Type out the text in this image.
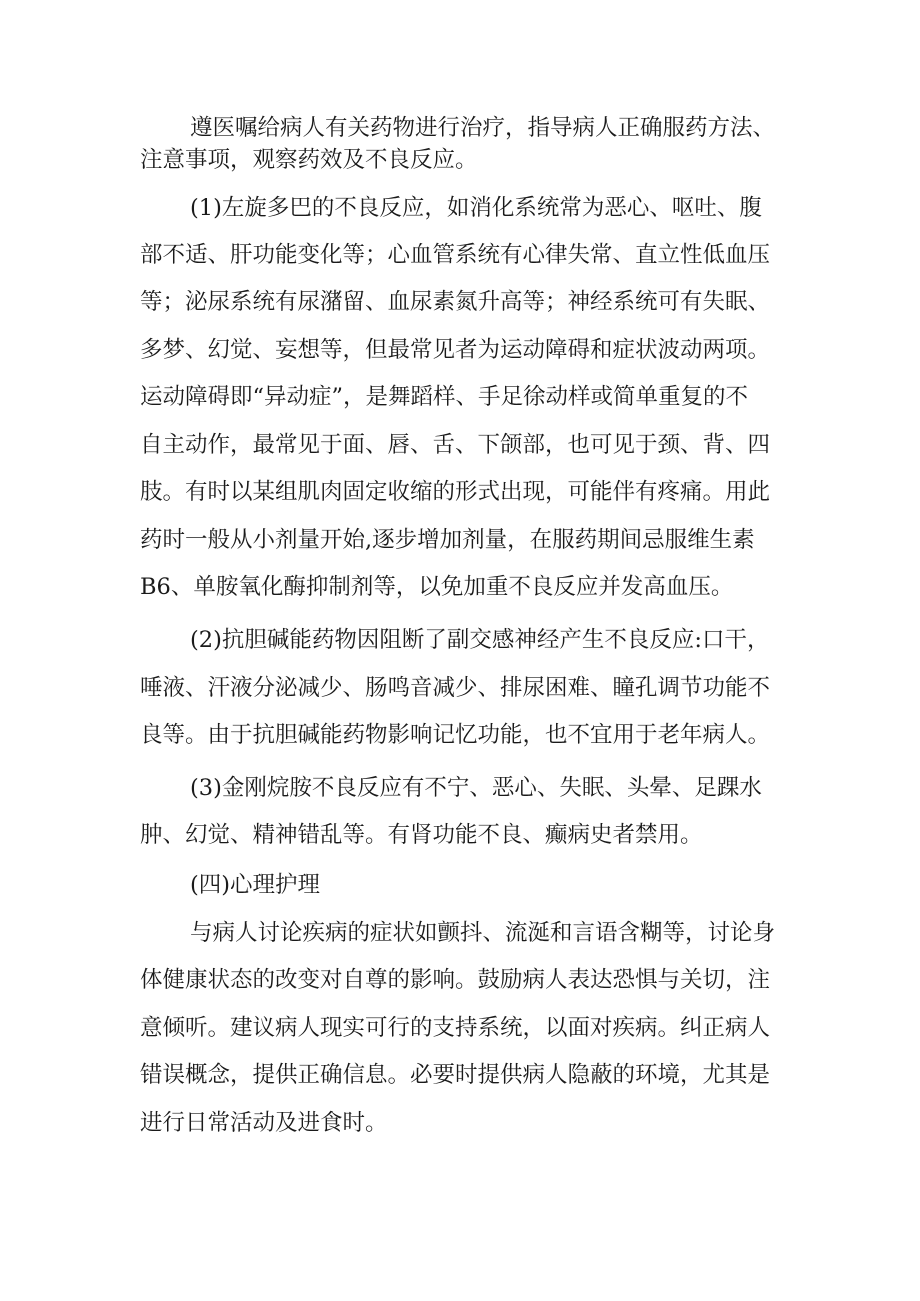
遵医嘱给病人有关药物进行治疗，指导病人正确服药方法、
注意事项，观察药效及不良反应。
(1)左旋多巴的不良反应，如消化系统常为恶心、呕吐、腹
部不适、肝功能变化等；心血管系统有心律失常、直立性低血压
等；泌尿系统有尿潴留、血尿素氮升高等；神经系统可有失眠、
多梦、幻觉、妄想等，但最常见者为运动障碍和症状波动两项。
运动障碍即“异动症”，是舞蹈样、手足徐动样或简单重复的不
自主动作，最常见于面、唇、舌、下颌部，也可见于颈、背、四
肢。有时以某组肌肉固定收缩的形式出现，可能伴有疼痛。用此
药时一般从小剂量开始,逐步增加剂量，在服药期间忌服维生素
B6、单胺氧化酶抑制剂等，以免加重不良反应并发高血压。
(2)抗胆碱能药物因阻断了副交感神经产生不良反应:口干，
唾液、汗液分泌减少、肠鸣音减少、排尿困难、瞳孔调节功能不
良等。由于抗胆碱能药物影响记忆功能，也不宜用于老年病人。
(3)金刚烷胺不良反应有不宁、恶心、失眠、头晕、足踝水
肿、幻觉、精神错乱等。有肾功能不良、癫病史者禁用。
(四)心理护理
与病人讨论疾病的症状如颤抖、流涎和言语含糊等，讨论身
体健康状态的改变对自尊的影响。鼓励病人表达恐惧与关切，注
意倾听。建议病人现实可行的支持系统，以面对疾病。纠正病人
错误概念，提供正确信息。必要时提供病人隐蔽的环境，尤其是
进行日常活动及进食时。
